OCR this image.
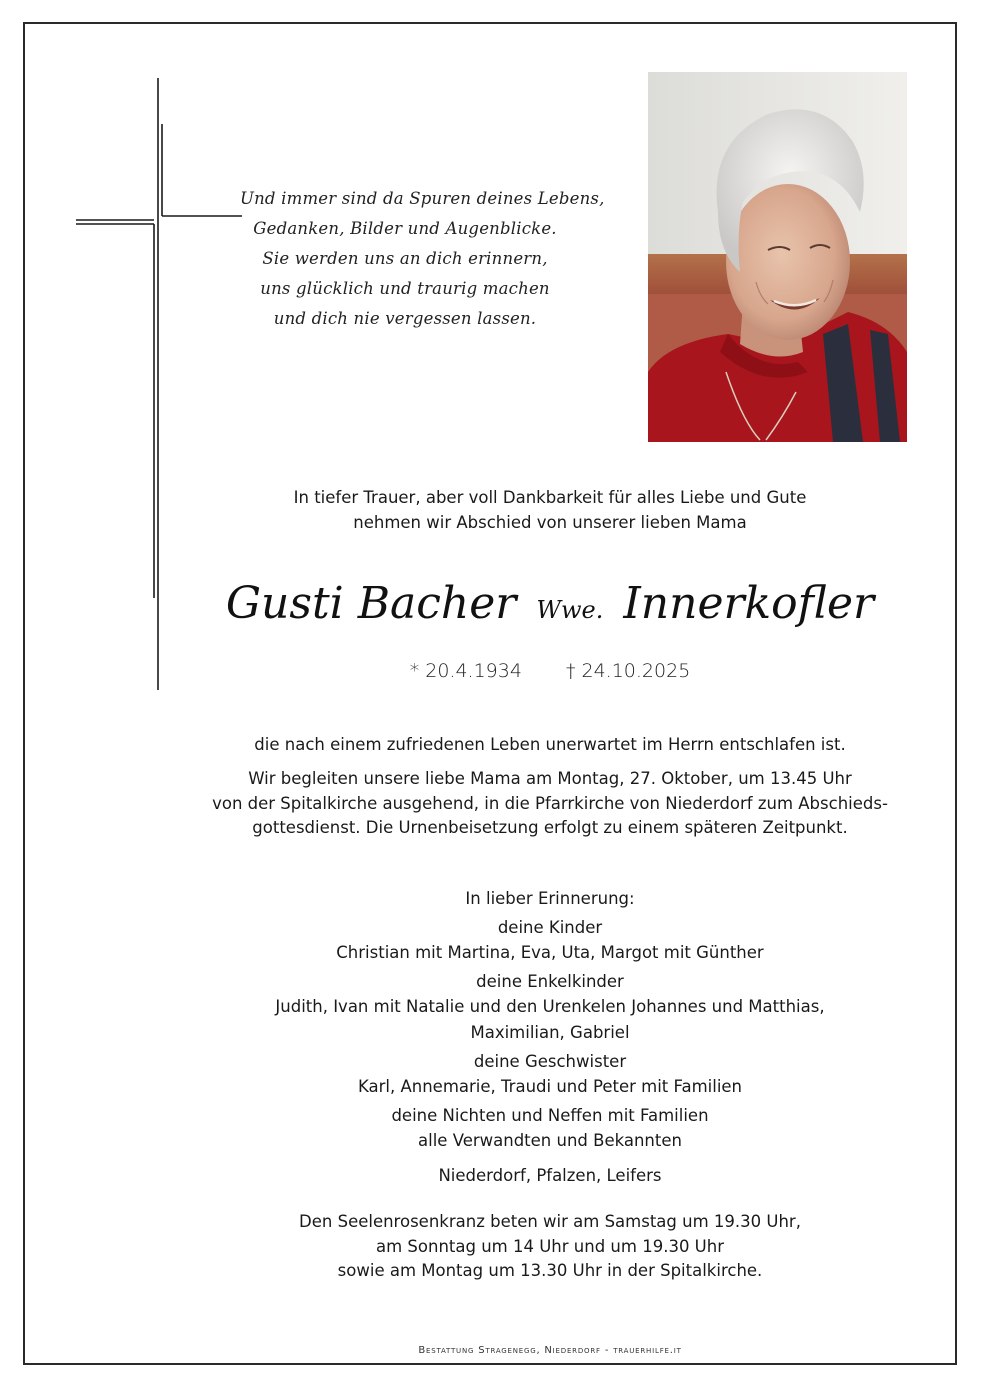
Und immer sind da Spuren deines Lebens,
Gedanken, Bilder und Augenblicke.
Sie werden uns an dich erinnern,
uns glücklich und traurig machen
und dich nie vergessen lassen.
In tiefer Trauer, aber voll Dankbarkeit für alles Liebe und Gute
nehmen wir Abschied von unserer lieben Mama
Gusti Bacher Wwe. Innerkofler
* 20.4.1934 † 24.10.2025
die nach einem zufriedenen Leben unerwartet im Herrn entschlafen ist.
Wir begleiten unsere liebe Mama am Montag, 27. Oktober, um 13.45 Uhr
von der Spitalkirche ausgehend, in die Pfarrkirche von Niederdorf zum Abschieds-
gottesdienst. Die Urnenbeisetzung erfolgt zu einem späteren Zeitpunkt.
In lieber Erinnerung:
deine Kinder
Christian mit Martina, Eva, Uta, Margot mit Günther
deine Enkelkinder
Judith, Ivan mit Natalie und den Urenkelen Johannes und Matthias,
Maximilian, Gabriel
deine Geschwister
Karl, Annemarie, Traudi und Peter mit Familien
deine Nichten und Neffen mit Familien
alle Verwandten und Bekannten
Niederdorf, Pfalzen, Leifers
Den Seelenrosenkranz beten wir am Samstag um 19.30 Uhr,
am Sonntag um 14 Uhr und um 19.30 Uhr
sowie am Montag um 13.30 Uhr in der Spitalkirche.
Bestattung Stragenegg, Niederdorf - trauerhilfe.it
